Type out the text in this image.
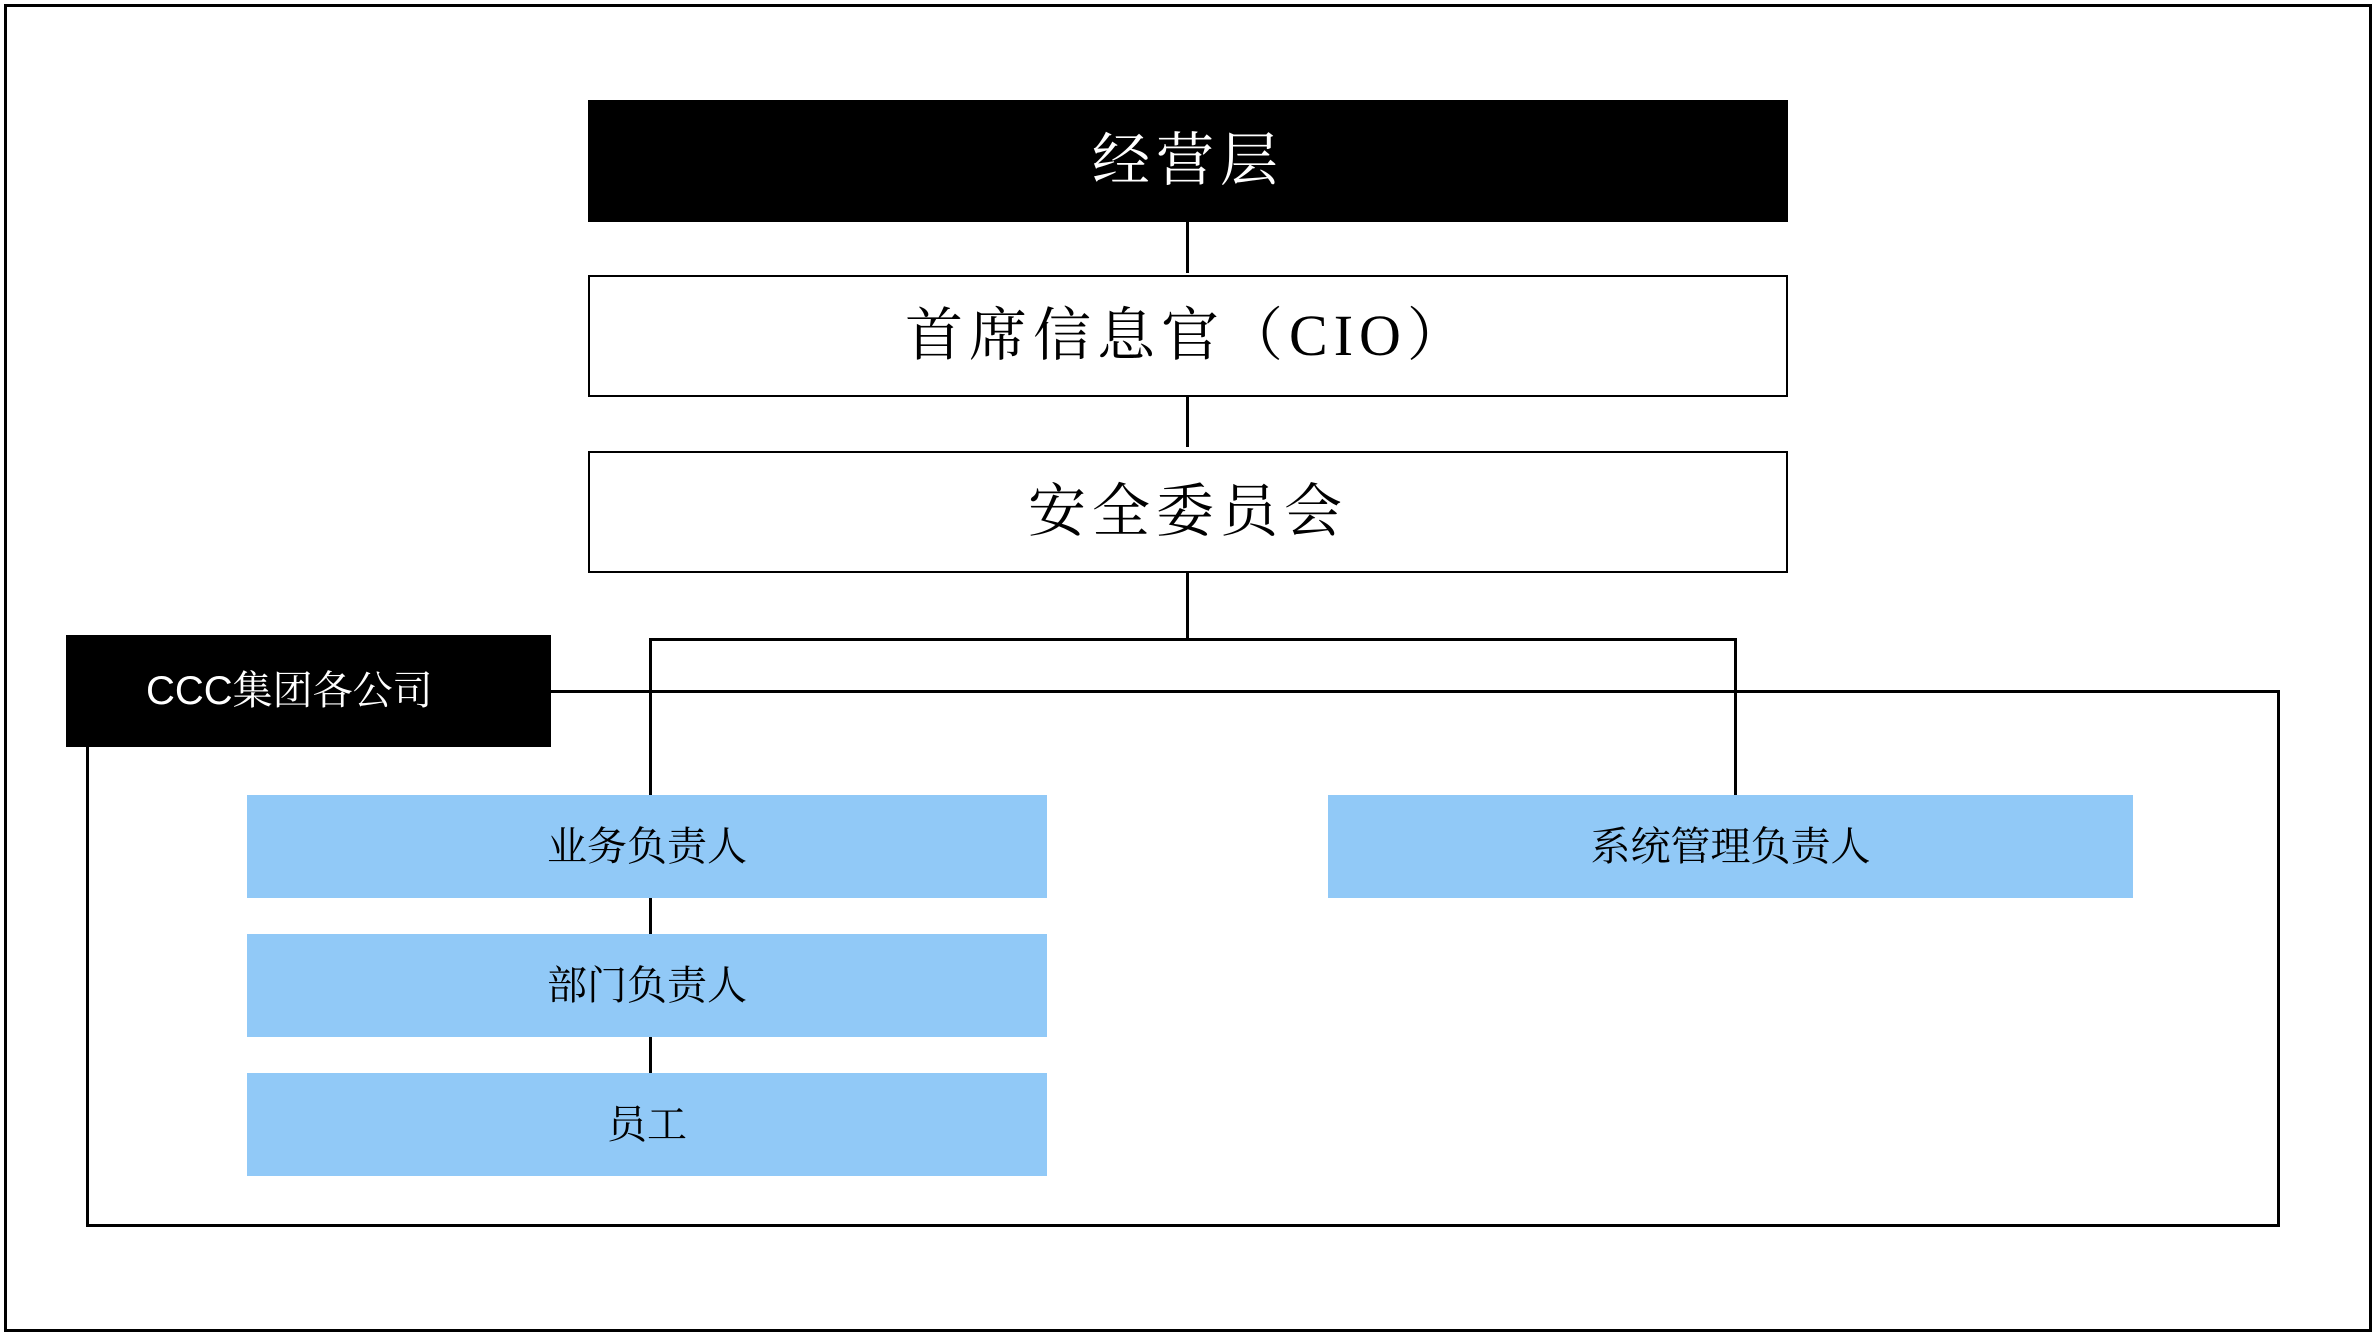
经营层
首席信息官（CIO）
安全委员会
CCC集团各公司
业务负责人
部门负责人
员工
系统管理负责人
